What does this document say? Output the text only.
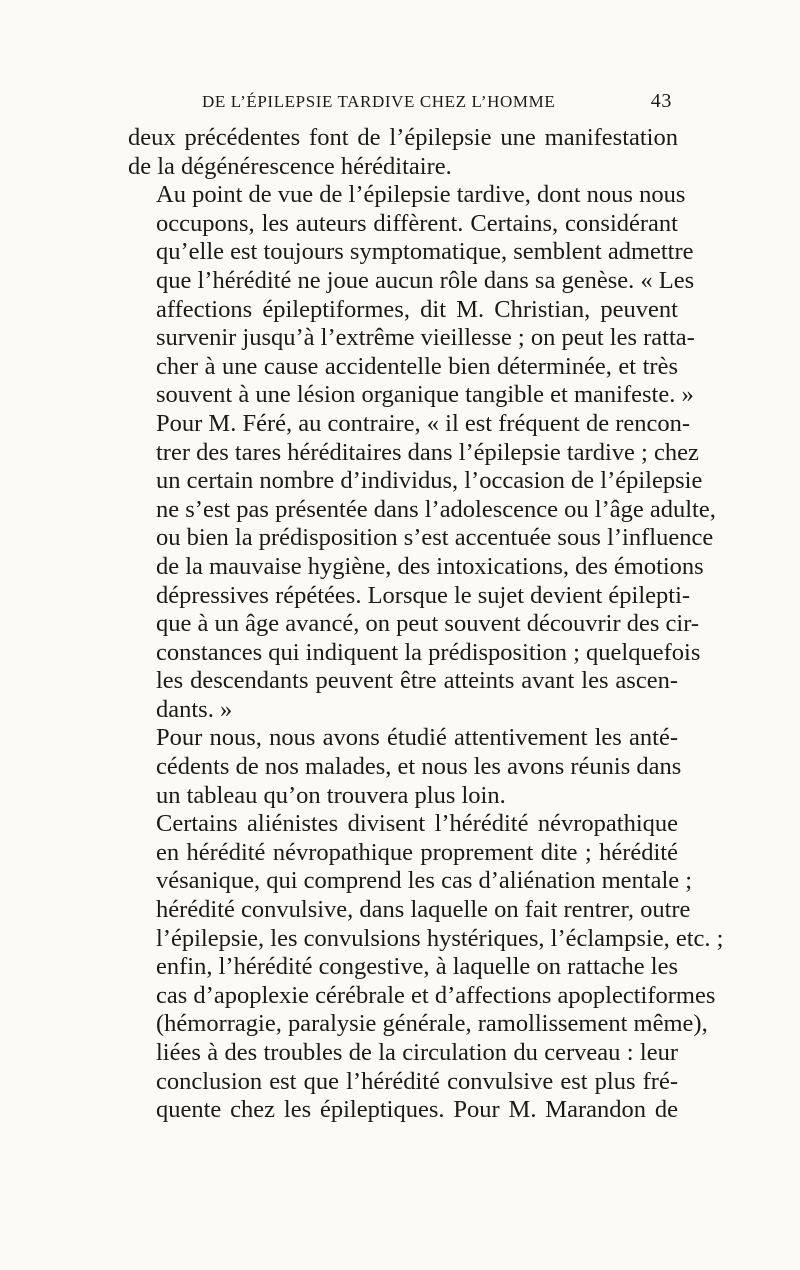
DE L’ÉPILEPSIE TARDIVE CHEZ L’HOMME	43

deux précédentes font de l’épilepsie une manifestation
de la dégénérescence héréditaire.

Au point de vue de l’épilepsie tardive, dont nous nous
occupons, les auteurs diffèrent. Certains, considérant
qu’elle est toujours symptomatique, semblent admettre
que l’hérédité ne joue aucun rôle dans sa genèse. « Les
affections épileptiformes, dit M. Christian, peuvent
survenir jusqu’à l’extrême vieillesse ; on peut les ratta-
cher à une cause accidentelle bien déterminée, et très
souvent à une lésion organique tangible et manifeste. »

Pour M. Féré, au contraire, « il est fréquent de rencon-
trer des tares héréditaires dans l’épilepsie tardive ; chez
un certain nombre d’individus, l’occasion de l’épilepsie
ne s’est pas présentée dans l’adolescence ou l’âge adulte,
ou bien la prédisposition s’est accentuée sous l’influence
de la mauvaise hygiène, des intoxications, des émotions
dépressives répétées. Lorsque le sujet devient épilepti-
que à un âge avancé, on peut souvent découvrir des cir-
constances qui indiquent la prédisposition ; quelquefois
les descendants peuvent être atteints avant les ascen-
dants. »

Pour nous, nous avons étudié attentivement les anté-
cédents de nos malades, et nous les avons réunis dans
un tableau qu’on trouvera plus loin.

Certains aliénistes divisent l’hérédité névropathique
en hérédité névropathique proprement dite ; hérédité
vésanique, qui comprend les cas d’aliénation mentale ;
hérédité convulsive, dans laquelle on fait rentrer, outre
l’épilepsie, les convulsions hystériques, l’éclampsie, etc. ;
enfin, l’hérédité congestive, à laquelle on rattache les
cas d’apoplexie cérébrale et d’affections apoplectiformes
(hémorragie, paralysie générale, ramollissement même),
liées à des troubles de la circulation du cerveau : leur
conclusion est que l’hérédité convulsive est plus fré-
quente chez les épileptiques. Pour M. Marandon de
